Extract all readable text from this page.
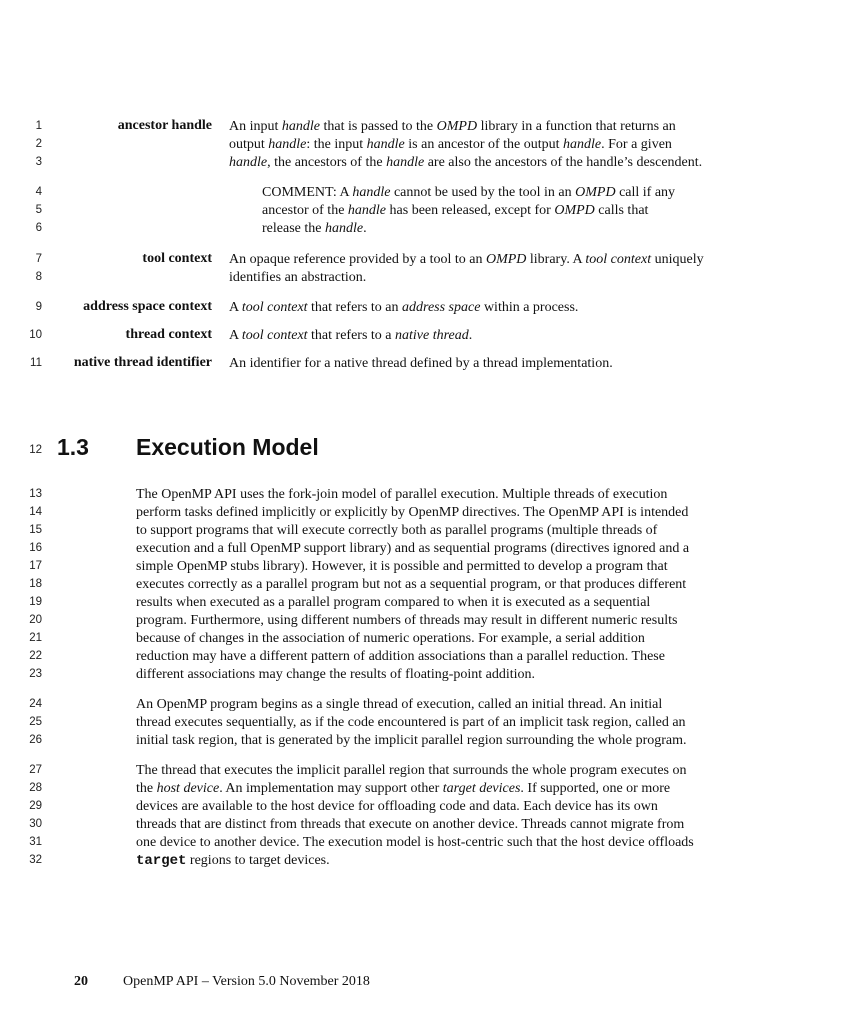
1
2
3
4
5
6
7
8
9
10
11
12
13
14
15
16
17
18
19
20
21
22
23
24
25
26
27
28
29
30
31
32
ancestor handle An input handle that is passed to the OMPD library in a function that returns an
output handle: the input handle is an ancestor of the output handle. For a given
handle, the ancestors of the handle are also the ancestors of the handle’s descendent.
COMMENT: A handle cannot be used by the tool in an OMPD call if any
ancestor of the handle has been released, except for OMPD calls that
release the handle.
tool context An opaque reference provided by a tool to an OMPD library. A tool context uniquely
identifies an abstraction.
address space context A tool context that refers to an address space within a process.
thread context A tool context that refers to a native thread.
native thread identifier An identifier for a native thread defined by a thread implementation.
1.3 Execution Model
The OpenMP API uses the fork-join model of parallel execution. Multiple threads of execution
perform tasks defined implicitly or explicitly by OpenMP directives. The OpenMP API is intended
to support programs that will execute correctly both as parallel programs (multiple threads of
execution and a full OpenMP support library) and as sequential programs (directives ignored and a
simple OpenMP stubs library). However, it is possible and permitted to develop a program that
executes correctly as a parallel program but not as a sequential program, or that produces different
results when executed as a parallel program compared to when it is executed as a sequential
program. Furthermore, using different numbers of threads may result in different numeric results
because of changes in the association of numeric operations. For example, a serial addition
reduction may have a different pattern of addition associations than a parallel reduction. These
different associations may change the results of floating-point addition.
An OpenMP program begins as a single thread of execution, called an initial thread. An initial
thread executes sequentially, as if the code encountered is part of an implicit task region, called an
initial task region, that is generated by the implicit parallel region surrounding the whole program.
The thread that executes the implicit parallel region that surrounds the whole program executes on
the host device. An implementation may support other target devices. If supported, one or more
devices are available to the host device for offloading code and data. Each device has its own
threads that are distinct from threads that execute on another device. Threads cannot migrate from
one device to another device. The execution model is host-centric such that the host device offloads
target regions to target devices.
20	OpenMP API – Version 5.0 November 2018
